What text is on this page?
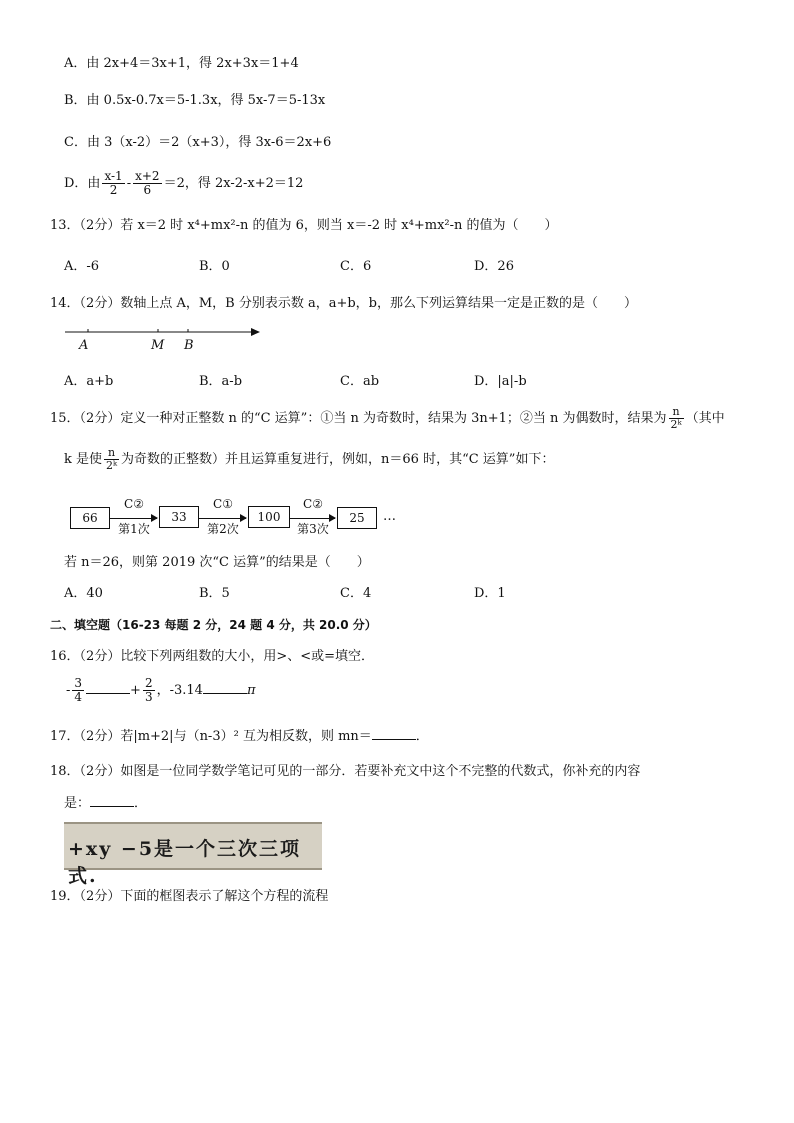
A．由 2x+4＝3x+1，得 2x+3x＝1+4
B．由 0.5x-0.7x＝5-1.3x，得 5x-7＝5-13x
C．由 3（x-2）＝2（x+3），得 3x-6＝2x+6
D．由 $\frac{x-1}{2} - \frac{x+2}{6} =2$，得 2x-2-x+2＝12
13．（2分）若 x＝2 时 x⁴+mx²-n 的值为 6，则当 x＝-2 时 x⁴+mx²-n 的值为（　　）
A．-6	B．0	C．6	D．26
14．（2分）数轴上点 A，M，B 分别表示数 a，a+b，b，那么下列运算结果一定是正数的是（　　）
A	M B
A．a+b	B．a-b	C．ab	D．|a|-b
15．（2分）定义一种对正整数 n 的“C 运算”：①当 n 为奇数时，结果为 3n+1；②当 n 为偶数时，结果为 $\frac{n}{\text{2ᵏ}}$ （其中
k 是使 $\frac{n}{\text{2ᵏ}}$ 为奇数的正整数）并且运算重复进行，例如，n＝66 时，其“C 运算”如下：
66
C②
第1次
33
C①
第2次
100
C②
第3次
25	…
若 n＝26，则第 2019 次“C 运算”的结果是（　　）
A．40	B．5	C．4	D．1
二、填空题（16-23 每题 2 分，24 题 4 分，共 20.0 分）
16．（2分）比较下列两组数的大小，用>、<或=填空．
- $\frac{3}{4}$	+ $\frac{2}{3}$ ，-3.14	π
17．（2分）若|m+2|与（n-3）² 互为相反数，则 mn＝	．
18．（2分）如图是一位同学数学笔记可见的一部分．若要补充文中这个不完整的代数式，你补充的内容
是：	．
+xy −5是一个三次三项式.
19．（2分）下面的框图表示了解这个方程的流程
